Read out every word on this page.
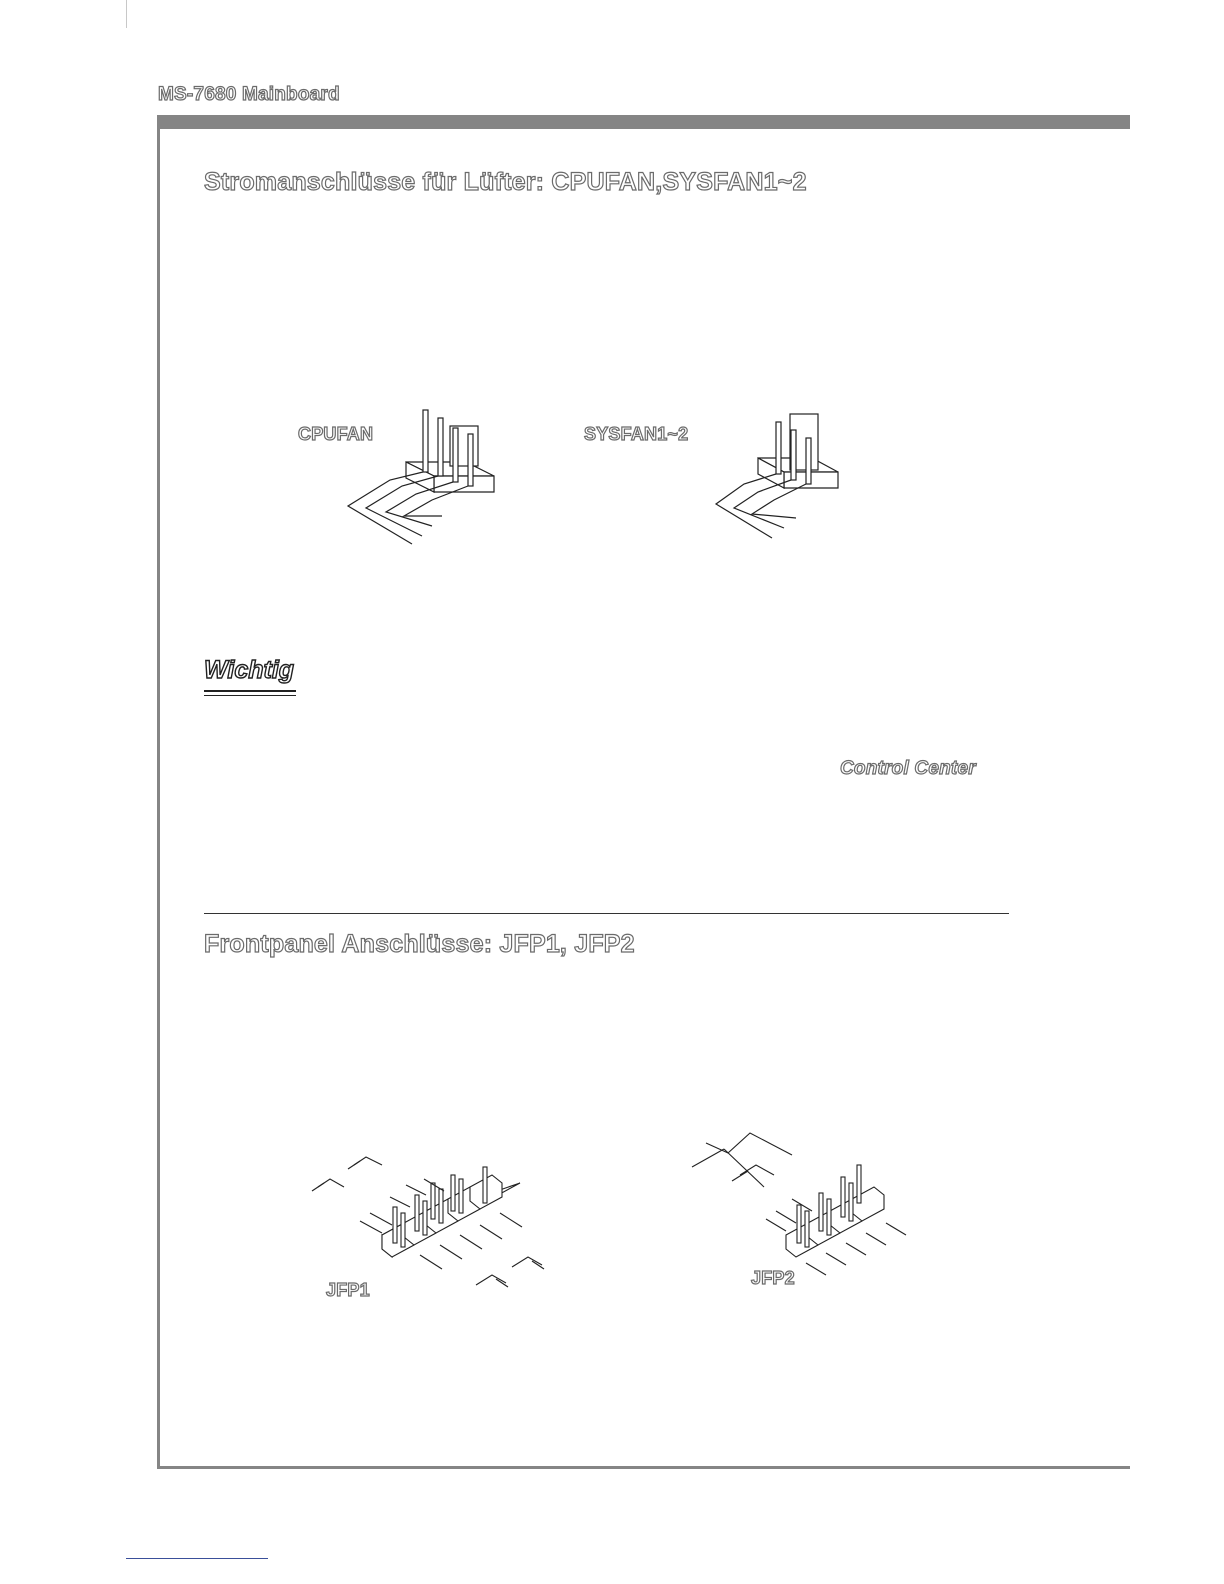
MS-7680 Mainboard
Stromanschlüsse für Lüfter: CPUFAN,SYSFAN1~2
CPUFAN	SYSFAN1~2
Wichtig
Control Center
Frontpanel Anschlüsse: JFP1, JFP2
JFP1
JFP2
